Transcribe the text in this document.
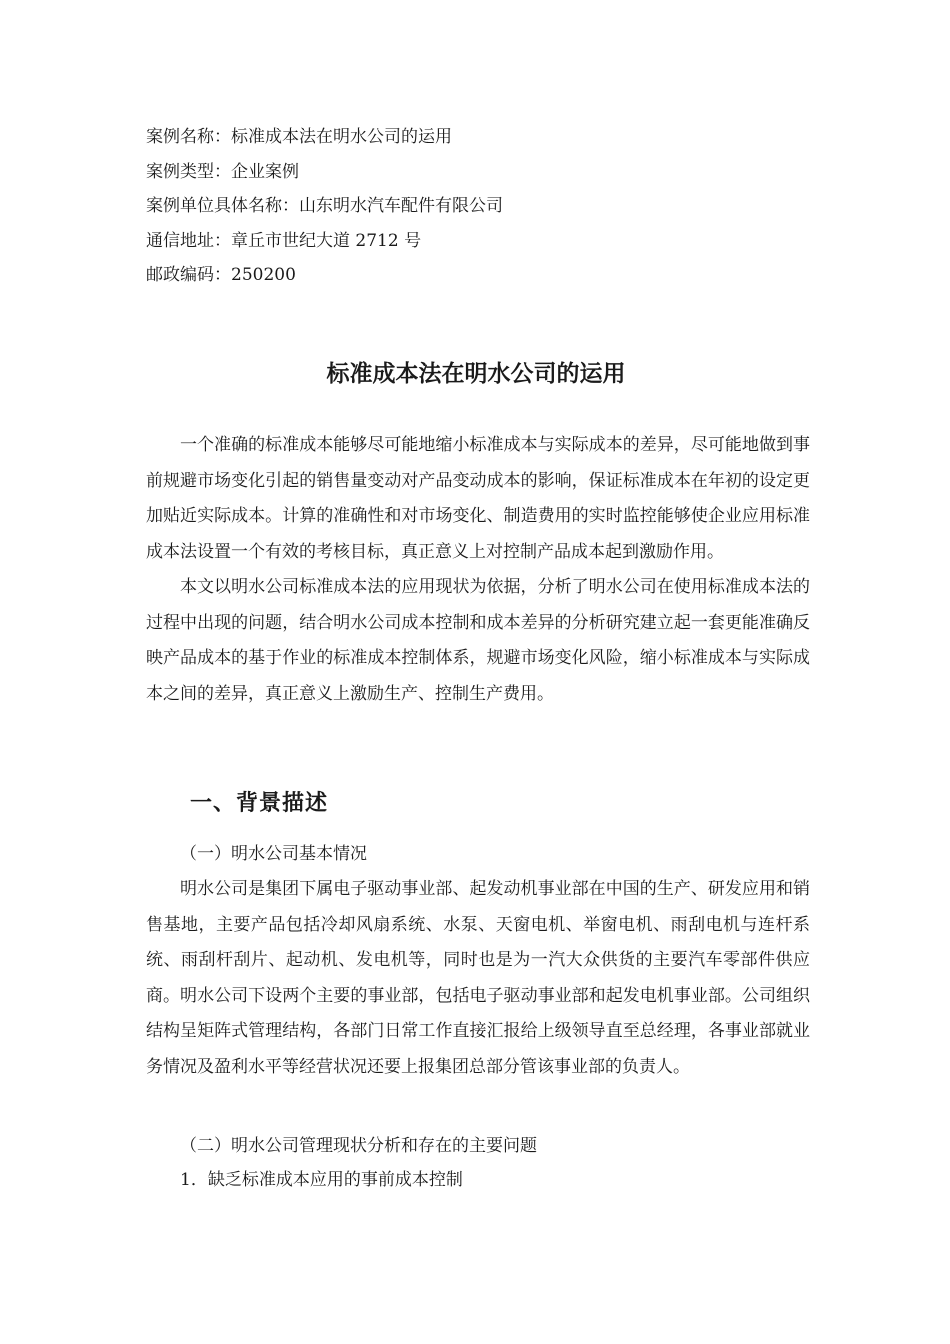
案例名称：标准成本法在明水公司的运用
案例类型：企业案例
案例单位具体名称：山东明水汽车配件有限公司
通信地址：章丘市世纪大道 2712 号
邮政编码：250200
标准成本法在明水公司的运用

一个准确的标准成本能够尽可能地缩小标准成本与实际成本的差异，尽可能地做到事前规避市场变化引起的销售量变动对产品变动成本的影响，保证标准成本在年初的设定更加贴近实际成本。计算的准确性和对市场变化、制造费用的实时监控能够使企业应用标准成本法设置一个有效的考核目标，真正意义上对控制产品成本起到激励作用。

本文以明水公司标准成本法的应用现状为依据，分析了明水公司在使用标准成本法的过程中出现的问题，结合明水公司成本控制和成本差异的分析研究建立起一套更能准确反映产品成本的基于作业的标准成本控制体系，规避市场变化风险，缩小标准成本与实际成本之间的差异，真正意义上激励生产、控制生产费用。

一、背景描述
（一）明水公司基本情况

明水公司是集团下属电子驱动事业部、起发动机事业部在中国的生产、研发应用和销售基地，主要产品包括冷却风扇系统、水泵、天窗电机、举窗电机、雨刮电机与连杆系统、雨刮杆刮片、起动机、发电机等，同时也是为一汽大众供货的主要汽车零部件供应商。明水公司下设两个主要的事业部，包括电子驱动事业部和起发电机事业部。公司组织结构呈矩阵式管理结构，各部门日常工作直接汇报给上级领导直至总经理，各事业部就业务情况及盈利水平等经营状况还要上报集团总部分管该事业部的负责人。

（二）明水公司管理现状分析和存在的主要问题
1．缺乏标准成本应用的事前成本控制
